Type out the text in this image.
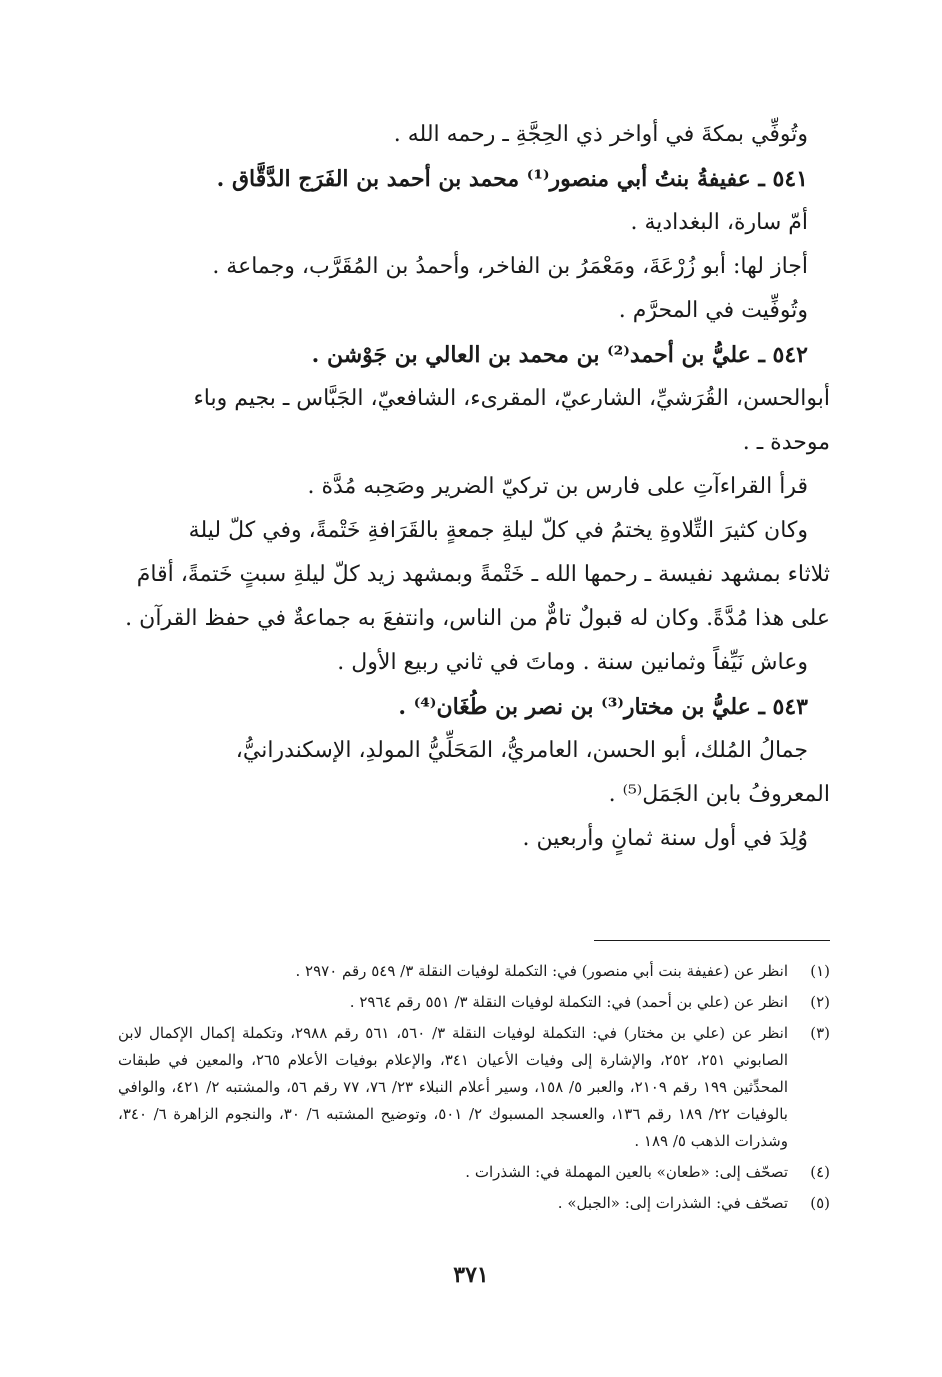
وتُوفِّي بمكةَ في أواخر ذي الحِجَّةِ ـ رحمه الله .

٥٤١ ـ عفيفةُ بنتُ أبي منصور⁽¹⁾ محمد بن أحمد بن الفَرَج الدَّقَّاق .

أمّ سارة، البغدادية .

أجاز لها: أبو زُرْعَةَ، ومَعْمَرُ بن الفاخر، وأحمدُ بن المُقَرَّب، وجماعة .

وتُوفِّيت في المحرَّم .

٥٤٢ ـ عليُّ بن أحمد⁽²⁾ بن محمد بن العالي بن جَوْشن .

أبوالحسن، القُرَشيِّ، الشارعيّ، المقرىء، الشافعيّ، الجَبَّاس ـ بجيم وباء

موحدة ـ .

قرأ القراءآتِ على فارس بن تركيّ الضرير وصَحِبه مُدَّة .

وكان كثيرَ التِّلاوةِ يختمُ في كلّ ليلةِ جمعةٍ بالقَرَافةِ خَتْمةً، وفي كلّ ليلة

ثلاثاء بمشهد نفيسة ـ رحمها الله ـ خَتْمةً وبمشهد زيد كلّ ليلةِ سبتٍ خَتمةً، أقامَ

على هذا مُدَّةً. وكان له قبولٌ تامٌّ من الناس، وانتفعَ به جماعةٌ في حفظ القرآن .

وعاش نَيِّفاً وثمانين سنة . وماتَ في ثاني ربيع الأول .

٥٤٣ ـ عليُّ بن مختار⁽³⁾ بن نصر بن طُغَان⁽⁴⁾ .

جمالُ المُلك، أبو الحسن، العامريُّ، المَحَلِّيُّ المولدِ، الإسكندرانيُّ،

المعروفُ بابن الجَمَل⁽⁵⁾ .

وُلِدَ في أول سنة ثمانٍ وأربعين .

(١)
انظر عن (عفيفة بنت أبي منصور) في: التكملة لوفيات النقلة ٣/ ٥٤٩ رقم ٢٩٧٠ .
(٢)
انظر عن (علي بن أحمد) في: التكملة لوفيات النقلة ٣/ ٥٥١ رقم ٢٩٦٤ .
(٣)
انظر عن (علي بن مختار) في: التكملة لوفيات النقلة ٣/ ٥٦٠، ٥٦١ رقم ٢٩٨٨، وتكملة إكمال الإكمال لابن الصابوني ٢٥١، ٢٥٢، والإشارة إلى وفيات الأعيان ٣٤١، والإعلام بوفيات الأعلام ٢٦٥، والمعين في طبقات المحدِّثين ١٩٩ رقم ٢١٠٩، والعبر ٥/ ١٥٨، وسير أعلام النبلاء ٢٣/ ٧٦، ٧٧ رقم ٥٦، والمشتبه ٢/ ٤٢١، والوافي بالوفيات ٢٢/ ١٨٩ رقم ١٣٦، والعسجد المسبوك ٢/ ٥٠١، وتوضيح المشتبه ٦/ ٣٠، والنجوم الزاهرة ٦/ ٣٤٠، وشذرات الذهب ٥/ ١٨٩ .
(٤)
تصحّف إلى: «طعان» بالعين المهملة في: الشذرات .
(٥)
تصحّف في: الشذرات إلى: «الجبل» .
٣٧١
